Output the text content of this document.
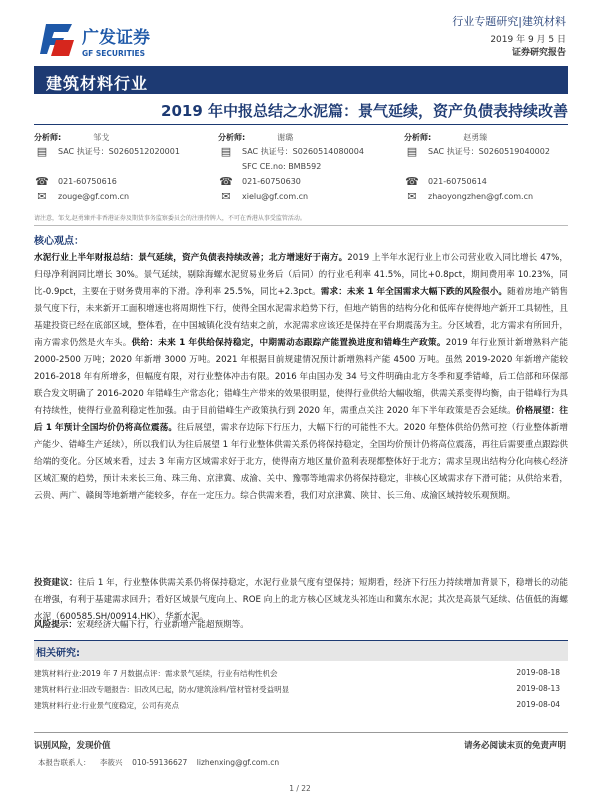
广发证券
GF SECURITIES
行业专题研究|建筑材料
2019 年 9 月 5 日
证券研究报告
建筑材料行业
2019 年中报总结之水泥篇：景气延续，资产负债表持续改善
分析师:	邹戈
▤	SAC 执证号：S0260512020001
☎ 021-60750616
✉	zouge@gf.com.cn
分析师:	谢璐
▤	SAC 执证号：S0260514080004
SFC CE.no: BMB592
☎ 021-60750630
✉	xielu@gf.com.cn
分析师:	赵勇臻
▤	SAC 执证号：S0260519040002
☎ 021-60750614
✉	zhaoyongzhen@gf.com.cn
请注意，邹戈,赵勇臻并非香港证券及期货事务监察委员会的注册持牌人，不可在香港从事受监管活动。
核心观点：
水泥行业上半年财报总结：景气延续，资产负债表持续改善；北方增速好于南方。2019 上半年水泥行业上市公司营业收入同比增长 47%，归母净利润同比增长 30%。景气延续，剔除海螺水泥贸易业务后（后同）的行业毛利率 41.5%，同比+0.8pct，期间费用率 10.23%，同比-0.9pct，主要在于财务费用率的下滑。净利率 25.5%，同比+2.3pct。需求：未来 1 年全国需求大幅下跌的风险很小。随着房地产销售景气度下行，未来新开工面积增速也将周期性下行，使得全国水泥需求趋势下行，但地产销售的结构分化和低库存使得地产新开工具韧性，且基建投资已经在底部区域，整体看，在中国城镇化没有结束之前，水泥需求应该还是保持在平台期震荡为主。分区域看，北方需求有所回升，南方需求仍然是火车头。供给：未来 1 年供给保持稳定，中期需动态跟踪产能置换进度和错峰生产政策。2019 年行业预计新增熟料产能 2000-2500 万吨；2020 年新增 3000 万吨。2021 年根据目前规建情况预计新增熟料产能 4500 万吨。虽然 2019-2020 年新增产能较 2016-2018 年有所增多，但幅度有限，对行业整体冲击有限。2016 年由国办发 34 号文件明确由北方冬季和夏季错峰，后工信部和环保部联合发文明确了 2016-2020 年错峰生产常态化；错峰生产带来的效果很明显，使得行业供给大幅收缩，供需关系变得均衡，由于错峰行为具有持续性，使得行业盈利稳定性加强。由于目前错峰生产政策执行到 2020 年，需重点关注 2020 年下半年政策是否会延续。价格展望：往后 1 年预计全国均价仍将高位震荡。往后展望，需求存边际下行压力，大幅下行的可能性不大。2020 年整体供给仍然可控（行业整体新增产能少、错峰生产延续），所以我们认为往后展望 1 年行业整体供需关系仍将保持稳定，全国均价预计仍将高位震荡，再往后需要重点跟踪供给端的变化。分区域来看，过去 3 年南方区域需求好于北方，使得南方地区量价盈利表现都整体好于北方；需求呈现出结构分化向核心经济区域汇聚的趋势，预计未来长三角、珠三角、京津冀、成渝、关中、豫鄂等地需求仍将保持稳定，非核心区域需求存下滑可能；从供给来看，云贵、两广、赣闽等地新增产能较多，存在一定压力。综合供需来看，我们对京津冀、陕甘、长三角、成渝区域持较乐观预期。
投资建议：往后 1 年，行业整体供需关系仍将保持稳定，水泥行业景气度有望保持；短期看，经济下行压力持续增加背景下，稳增长的动能在增强，有利于基建需求回升；看好区域景气度向上、ROE 向上的北方核心区域龙头祁连山和冀东水泥；其次是高景气延续、估值低的海螺水泥（600585.SH/00914.HK）、华新水泥。
风险提示：宏观经济大幅下行，行业新增产能超预期等。
相关研究:
建筑材料行业:2019 年 7 月数据点评：需求景气延续，行业有结构性机会	2019-08-18
建筑材料行业:旧改专题报告：旧改风已起，防水/建筑涂料/管材管材受益明显	2019-08-13
建筑材料行业:行业景气度稳定，公司有亮点	2019-08-04
识别风险，发现价值	请务必阅读末页的免责声明
本报告联系人：    李筱兴    010-59136627    lizhenxing@gf.com.cn
1 / 22
